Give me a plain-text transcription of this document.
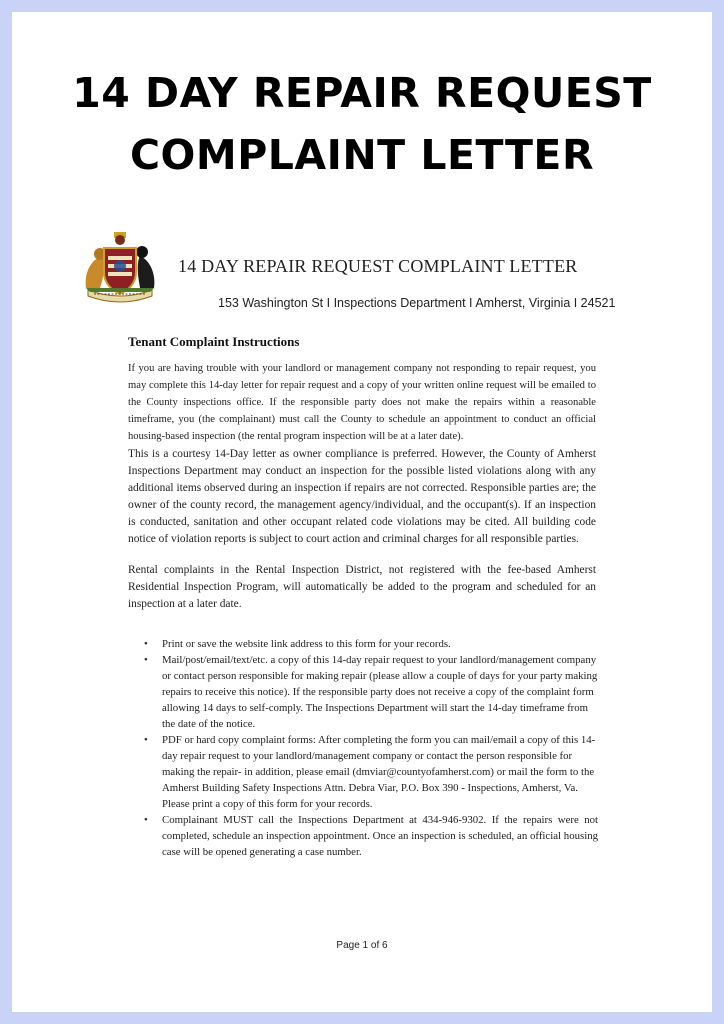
14 DAY REPAIR REQUEST
COMPLAINT LETTER
14 DAY REPAIR REQUEST COMPLAINT LETTER
153 Washington St I Inspections Department I Amherst, Virginia I 24521
Tenant Complaint Instructions

If you are having trouble with your landlord or management company not responding to repair request, you may complete this 14-day letter for repair request and a copy of your written online request will be emailed to the County inspections office. If the responsible party does not make the repairs within a reasonable timeframe, you (the complainant) must call the County to schedule an appointment to conduct an official housing-based inspection (the rental program inspection will be at a later date).

This is a courtesy 14-Day letter as owner compliance is preferred. However, the County of Amherst Inspections Department may conduct an inspection for the possible listed violations along with any additional items observed during an inspection if repairs are not corrected. Responsible parties are; the owner of the county record, the management agency/individual, and the occupant(s). If an inspection is conducted, sanitation and other occupant related code violations may be cited. All building code notice of violation reports is subject to court action and criminal charges for all responsible parties.

Rental complaints in the Rental Inspection District, not registered with the fee-based Amherst Residential Inspection Program, will automatically be added to the program and scheduled for an inspection at a later date.

• Print or save the website link address to this form for your records.
• Mail/post/email/text/etc. a copy of this 14-day repair request to your landlord/management company or contact person responsible for making repair (please allow a couple of days for your party making repairs to receive this notice). If the responsible party does not receive a copy of the complaint form allowing 14 days to self-comply. The Inspections Department will start the 14-day timeframe from the date of the notice.
• PDF or hard copy complaint forms: After completing the form you can mail/email a copy of this 14-day repair request to your landlord/management company or contact the person responsible for making the repair- in addition, please email (dmviar@countyofamherst.com) or mail the form to the Amherst Building Safety Inspections Attn. Debra Viar, P.O. Box 390 - Inspections, Amherst, Va. Please print a copy of this form for your records.
• Complainant MUST call the Inspections Department at 434-946-9302. If the repairs were not completed, schedule an inspection appointment. Once an inspection is scheduled, an official housing case will be opened generating a case number.
Page 1 of 6
